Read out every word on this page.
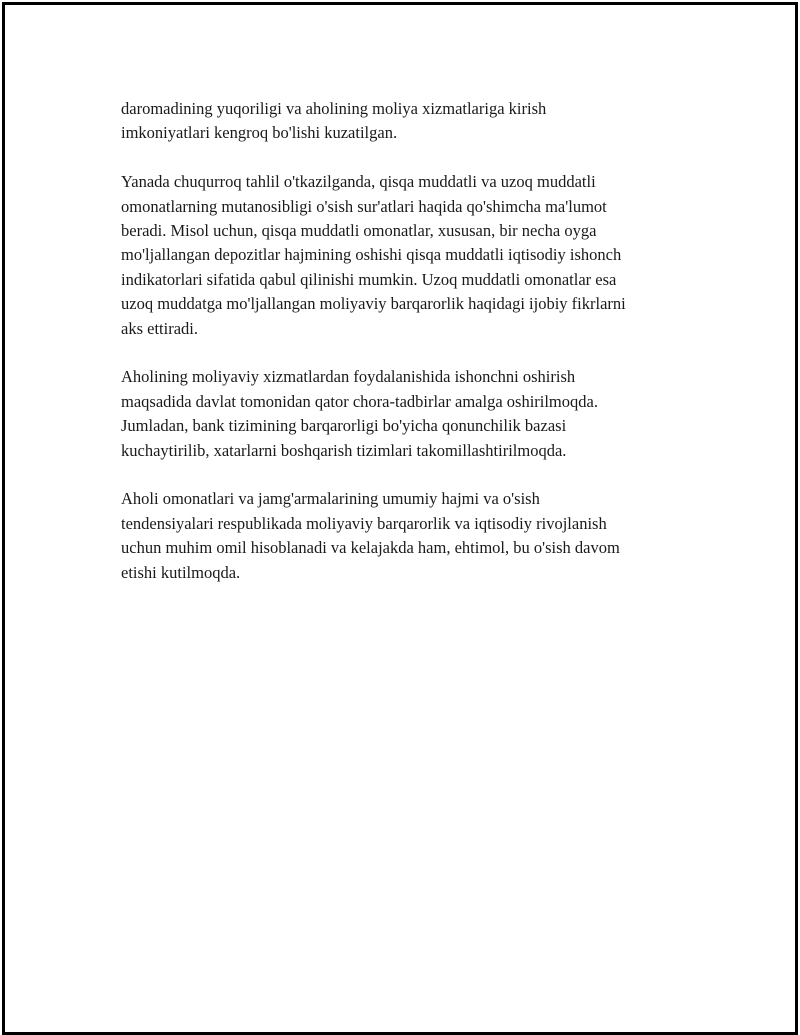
daromadining yuqoriligi va aholining moliya xizmatlariga kirish
imkoniyatlari kengroq bo'lishi kuzatilgan.

Yanada chuqurroq tahlil o'tkazilganda, qisqa muddatli va uzoq muddatli
omonatlarning mutanosibligi o'sish sur'atlari haqida qo'shimcha ma'lumot
beradi. Misol uchun, qisqa muddatli omonatlar, xususan, bir necha oyga
mo'ljallangan depozitlar hajmining oshishi qisqa muddatli iqtisodiy ishonch
indikatorlari sifatida qabul qilinishi mumkin. Uzoq muddatli omonatlar esa
uzoq muddatga mo'ljallangan moliyaviy barqarorlik haqidagi ijobiy fikrlarni
aks ettiradi.

Aholining moliyaviy xizmatlardan foydalanishida ishonchni oshirish
maqsadida davlat tomonidan qator chora-tadbirlar amalga oshirilmoqda.
Jumladan, bank tizimining barqarorligi bo'yicha qonunchilik bazasi
kuchaytirilib, xatarlarni boshqarish tizimlari takomillashtirilmoqda.

Aholi omonatlari va jamg'armalarining umumiy hajmi va o'sish
tendensiyalari respublikada moliyaviy barqarorlik va iqtisodiy rivojlanish
uchun muhim omil hisoblanadi va kelajakda ham, ehtimol, bu o'sish davom
etishi kutilmoqda.
